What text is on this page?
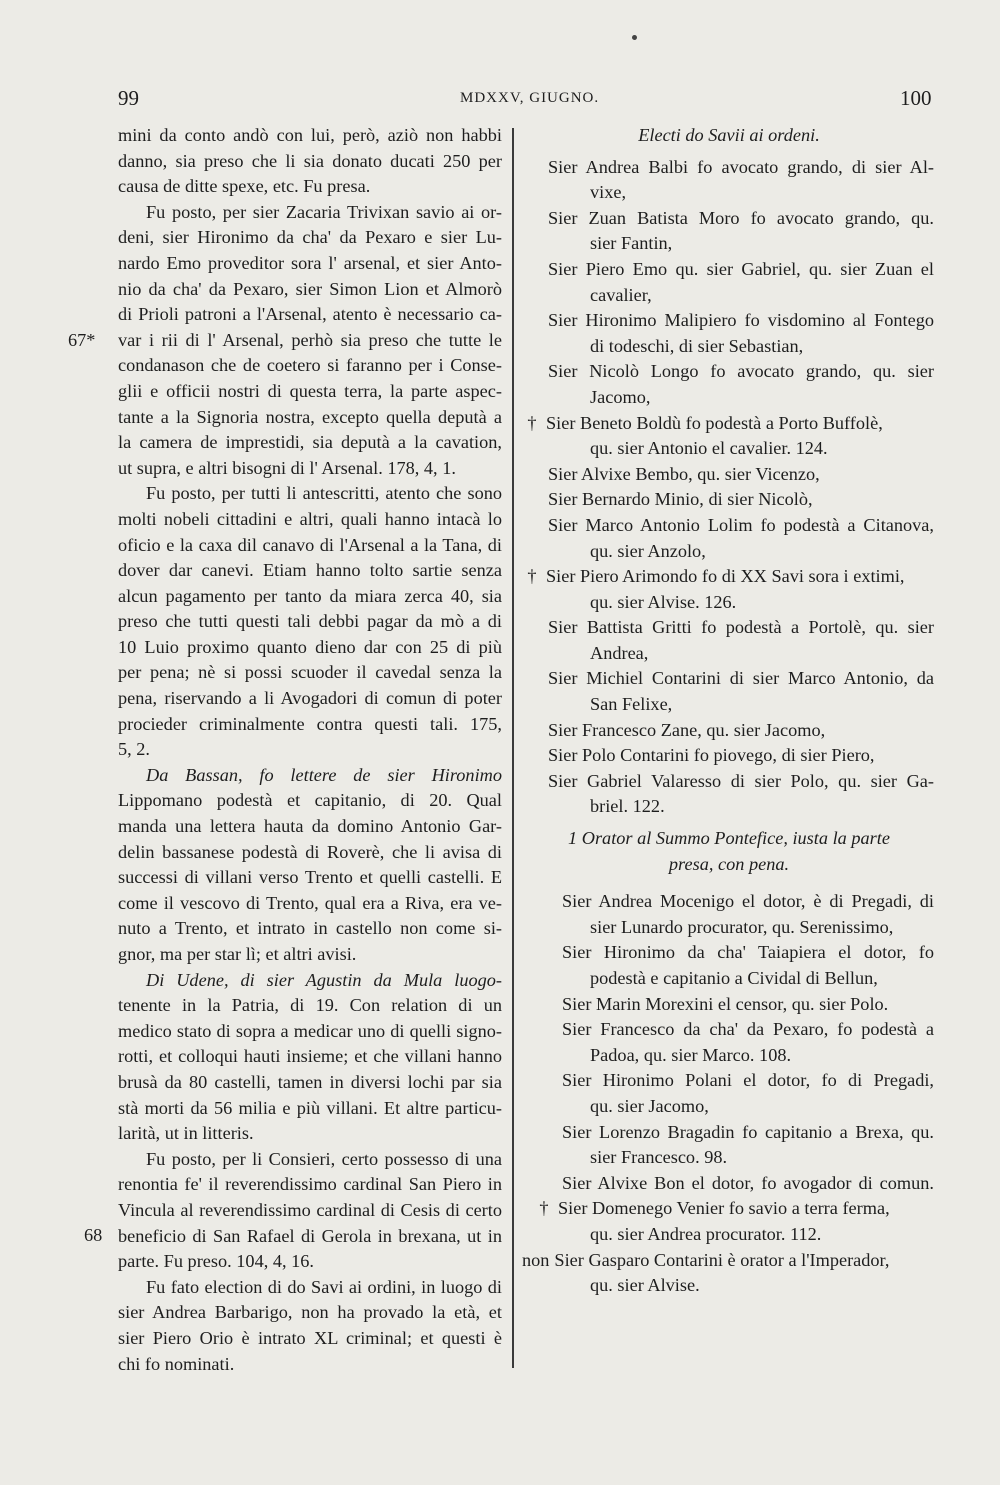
99	MDXXV, GIUGNO.	100
67*
68
mini da conto andò con lui, però, aziò non habbi
danno, sia preso che li sia donato ducati 250 per
causa de ditte spexe, etc. Fu presa.
Fu posto, per sier Zacaria Trivixan savio ai or-
deni, sier Hironimo da cha' da Pexaro e sier Lu-
nardo Emo proveditor sora l' arsenal, et sier Anto-
nio da cha' da Pexaro, sier Simon Lion et Almorò
di Prioli patroni a l'Arsenal, atento è necessario ca-
var i rii di l' Arsenal, perhò sia preso che tutte le
condanason che de coetero si faranno per i Conse-
glii e officii nostri di questa terra, la parte aspec-
tante a la Signoria nostra, excepto quella deputà a
la camera de imprestidi, sia deputà a la cavation,
ut supra, e altri bisogni di l' Arsenal. 178, 4, 1.
Fu posto, per tutti li antescritti, atento che sono
molti nobeli cittadini e altri, quali hanno intacà lo
oficio e la caxa dil canavo di l'Arsenal a la Tana, di
dover dar canevi. Etiam hanno tolto sartie senza
alcun pagamento per tanto da miara zerca 40, sia
preso che tutti questi tali debbi pagar da mò a di
10 Luio proximo quanto dieno dar con 25 di più
per pena; nè si possi scuoder il cavedal senza la
pena, riservando a li Avogadori di comun di poter
procieder criminalmente contra questi tali. 175,
5, 2.
Da Bassan, fo lettere de sier Hironimo
Lippomano podestà et capitanio, di 20. Qual
manda una lettera hauta da domino Antonio Gar-
delin bassanese podestà di Roverè, che li avisa di
successi di villani verso Trento et quelli castelli. E
come il vescovo di Trento, qual era a Riva, era ve-
nuto a Trento, et intrato in castello non come si-
gnor, ma per star lì; et altri avisi.
Di Udene, di sier Agustin da Mula luogo-
tenente in la Patria, di 19. Con relation di un
medico stato di sopra a medicar uno di quelli signo-
rotti, et colloqui hauti insieme; et che villani hanno
brusà da 80 castelli, tamen in diversi lochi par sia
stà morti da 56 milia e più villani. Et altre particu-
larità, ut in litteris.
Fu posto, per li Consieri, certo possesso di una
renontia fe' il reverendissimo cardinal San Piero in
Vincula al reverendissimo cardinal di Cesis di certo
beneficio di San Rafael di Gerola in brexana, ut in
parte. Fu preso. 104, 4, 16.
Fu fato election di do Savi ai ordini, in luogo di
sier Andrea Barbarigo, non ha provado la età, et
sier Piero Orio è intrato XL criminal; et questi è
chi fo nominati.
Electi do Savii ai ordeni.
Sier Andrea Balbi fo avocato grando, di sier Al-
vixe,
Sier Zuan Batista Moro fo avocato grando, qu.
sier Fantin,
Sier Piero Emo qu. sier Gabriel, qu. sier Zuan el
cavalier,
Sier Hironimo Malipiero fo visdomino al Fontego
di todeschi, di sier Sebastian,
Sier Nicolò Longo fo avocato grando, qu. sier
Jacomo,
† Sier Beneto Boldù fo podestà a Porto Buffolè,
qu. sier Antonio el cavalier. 124.
Sier Alvixe Bembo, qu. sier Vicenzo,
Sier Bernardo Minio, di sier Nicolò,
Sier Marco Antonio Lolim fo podestà a Citanova,
qu. sier Anzolo,
† Sier Piero Arimondo fo di XX Savi sora i extimi,
qu. sier Alvise. 126.
Sier Battista Gritti fo podestà a Portolè, qu. sier
Andrea,
Sier Michiel Contarini di sier Marco Antonio, da
San Felixe,
Sier Francesco Zane, qu. sier Jacomo,
Sier Polo Contarini fo piovego, di sier Piero,
Sier Gabriel Valaresso di sier Polo, qu. sier Ga-
briel. 122.
1 Orator al Summo Pontefice, iusta la parte
presa, con pena.
Sier Andrea Mocenigo el dotor, è di Pregadi, di
sier Lunardo procurator, qu. Serenissimo,
Sier Hironimo da cha' Taiapiera el dotor, fo
podestà e capitanio a Cividal di Bellun,
Sier Marin Morexini el censor, qu. sier Polo.
Sier Francesco da cha' da Pexaro, fo podestà a
Padoa, qu. sier Marco. 108.
Sier Hironimo Polani el dotor, fo di Pregadi,
qu. sier Jacomo,
Sier Lorenzo Bragadin fo capitanio a Brexa, qu.
sier Francesco. 98.
Sier Alvixe Bon el dotor, fo avogador di comun.
† Sier Domenego Venier fo savio a terra ferma,
qu. sier Andrea procurator. 112.
non Sier Gasparo Contarini è orator a l'Imperador,
qu. sier Alvise.
